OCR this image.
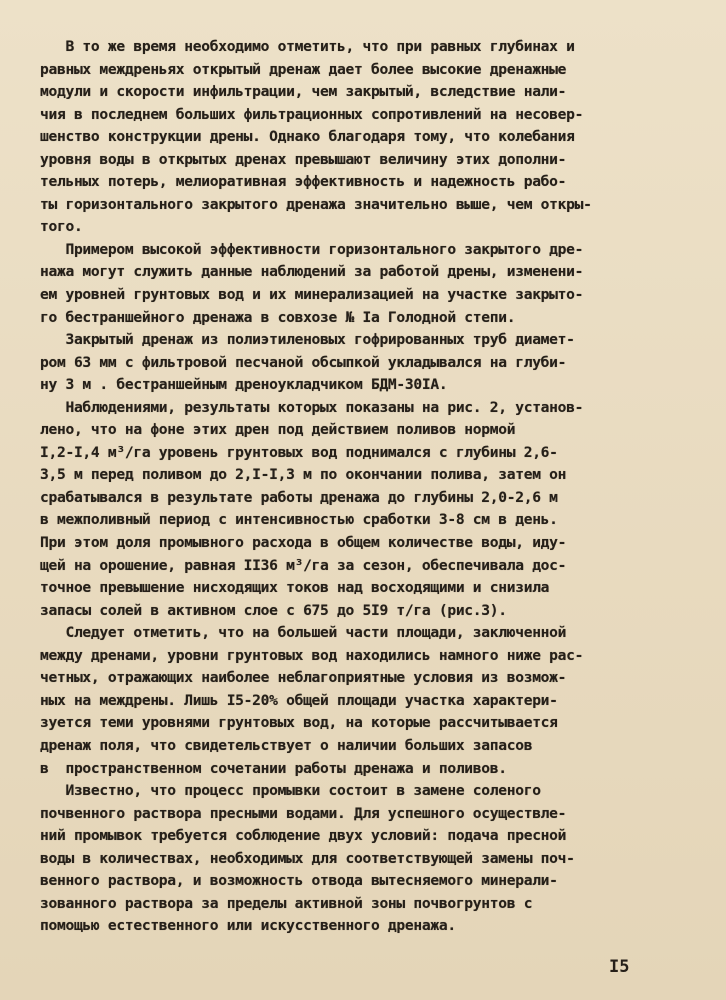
В то же время необходимо отметить, что при равных глубинах и
равных междреньях открытый дренаж дает более высокие дренажные
модули и скорости инфильтрации, чем закрытый, вследствие нали-
чия в последнем больших фильтрационных сопротивлений на несовер-
шенство конструкции дрены. Однако благодаря тому, что колебания
уровня воды в открытых дренах превышают величину этих дополни-
тельных потерь, мелиоративная эффективность и надежность рабо-
ты горизонтального закрытого дренажа значительно выше, чем откры-
того.
Примером высокой эффективности горизонтального закрытого дре-
нажа могут служить данные наблюдений за работой дрены, изменени-
ем уровней грунтовых вод и их минерализацией на участке закрыто-
го бестраншейного дренажа в совхозе № Iа Голодной степи.
Закрытый дренаж из полиэтиленовых гофрированных труб диамет-
ром 63 мм с фильтровой песчаной обсыпкой укладывался на глуби-
ну 3 м . бестраншейным дреноукладчиком БДМ-30IА.
Наблюдениями, результаты которых показаны на рис. 2, установ-
лено, что на фоне этих дрен под действием поливов нормой
I,2-I,4 м³/га уровень грунтовых вод поднимался с глубины 2,6-
3,5 м перед поливом до 2,I-I,3 м по окончании полива, затем он
срабатывался в результате работы дренажа до глубины 2,0-2,6 м
в межполивный период с интенсивностью сработки 3-8 см в день.
При этом доля промывного расхода в общем количестве воды, иду-
щей на орошение, равная II36 м³/га за сезон, обеспечивала дос-
точное превышение нисходящих токов над восходящими и снизила
запасы солей в активном слое с 675 до 5I9 т/га (рис.3).
Следует отметить, что на большей части площади, заключенной
между дренами, уровни грунтовых вод находились намного ниже рас-
четных, отражающих наиболее неблагоприятные условия из возмож-
ных на междрены. Лишь I5-20% общей площади участка характери-
зуется теми уровнями грунтовых вод, на которые рассчитывается
дренаж поля, что свидетельствует о наличии больших запасов
в  пространственном сочетании работы дренажа и поливов.
Известно, что процесс промывки состоит в замене соленого
почвенного раствора пресными водами. Для успешного осуществле-
ний промывок требуется соблюдение двух условий: подача пресной
воды в количествах, необходимых для соответствующей замены поч-
венного раствора, и возможность отвода вытесняемого минерали-
зованного раствора за пределы активной зоны почвогрунтов с
помощью естественного или искусственного дренажа.
I5
